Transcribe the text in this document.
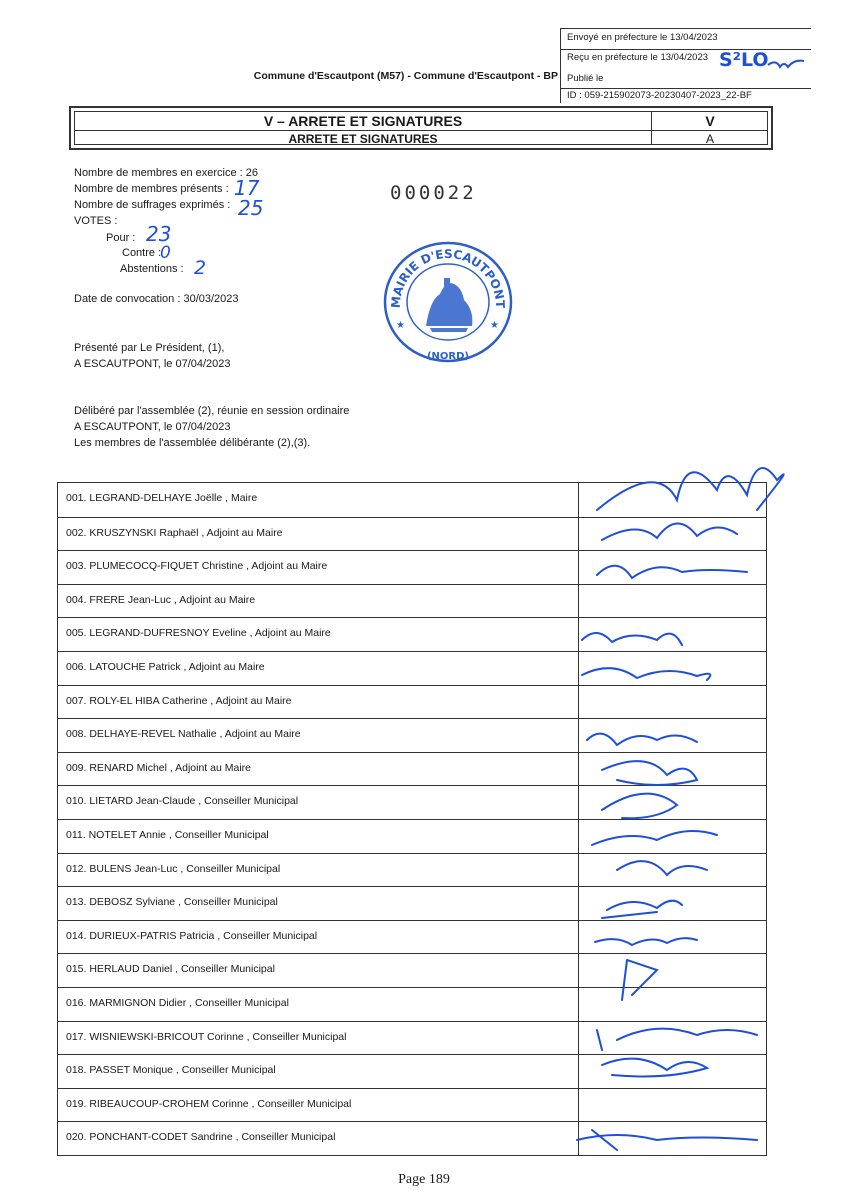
Envoyé en préfecture le 13/04/2023
Reçu en préfecture le 13/04/2023
Publié le
ID : 059-215902073-20230407-2023_22-BF
S²LO
Commune d'Escautpont (M57) - Commune d'Escautpont - BP
V – ARRETE ET SIGNATURES
ARRETE ET SIGNATURES
V
A
Nombre de membres en exercice : 26
Nombre de membres présents : 17
Nombre de suffrages exprimés : 25
VOTES :
Pour : 23
Contre :
0
Abstentions : 2
000022
MAIRIE D'ESCAUTPONT
(NORD)
★	★
Date de convocation : 30/03/2023
Présenté par Le Président, (1),
A ESCAUTPONT, le 07/04/2023
Délibéré par l'assemblée (2), réunie en session ordinaire
A ESCAUTPONT, le 07/04/2023
Les membres de l'assemblée délibérante (2),(3).
001. LEGRAND-DELHAYE Joëlle , Maire
002. KRUSZYNSKI Raphaël , Adjoint au Maire
003. PLUMECOCQ-FIQUET Christine , Adjoint au Maire
004. FRERE Jean-Luc , Adjoint au Maire
005. LEGRAND-DUFRESNOY Eveline , Adjoint au Maire
006. LATOUCHE Patrick , Adjoint au Maire
007. ROLY-EL HIBA Catherine , Adjoint au Maire
008. DELHAYE-REVEL Nathalie , Adjoint au Maire
009. RENARD Michel , Adjoint au Maire
010. LIETARD Jean-Claude , Conseiller Municipal
011. NOTELET Annie , Conseiller Municipal
012. BULENS Jean-Luc , Conseiller Municipal
013. DEBOSZ Sylviane , Conseiller Municipal
014. DURIEUX-PATRIS Patricia , Conseiller Municipal
015. HERLAUD Daniel , Conseiller Municipal
016. MARMIGNON Didier , Conseiller Municipal
017. WISNIEWSKI-BRICOUT Corinne , Conseiller Municipal
018. PASSET Monique , Conseiller Municipal
019. RIBEAUCOUP-CROHEM Corinne , Conseiller Municipal
020. PONCHANT-CODET Sandrine , Conseiller Municipal
Page 189
